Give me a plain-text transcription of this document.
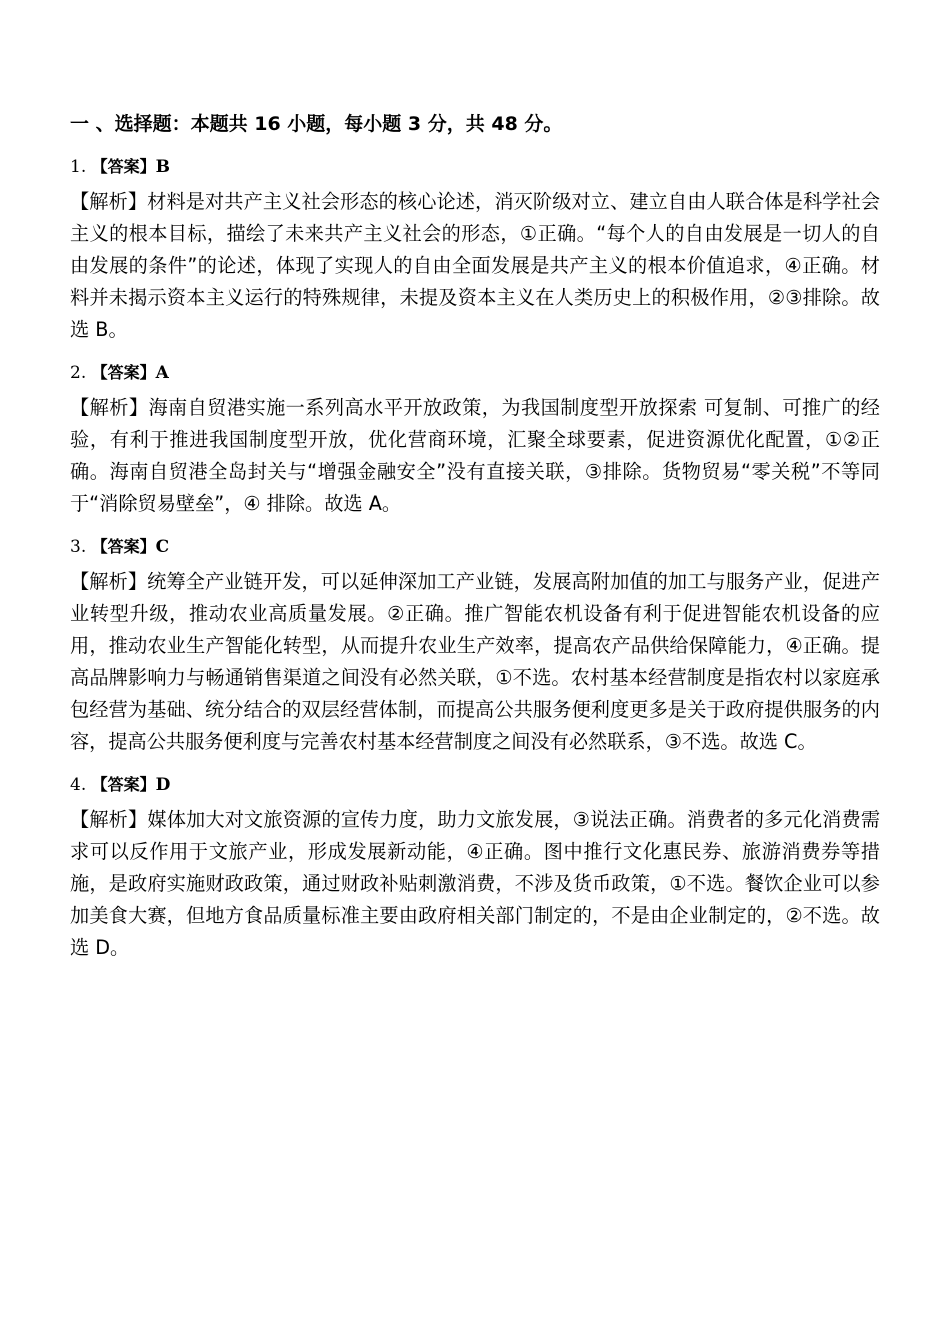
一 、选择题：本题共 16 小题，每小题 3 分，共 48 分。
1. 【答案】B

【解析】材料是对共产主义社会形态的核心论述，消灭阶级对立、建立自由人联合体是科学社会主义的根本目标，描绘了未来共产主义社会的形态，①正确。“每个人的自由发展是一切人的自由发展的条件”的论述，体现了实现人的自由全面发展是共产主义的根本价值追求，④正确。材料并未揭示资本主义运行的特殊规律，未提及资本主义在人类历史上的积极作用，②③排除。故选 B。

2. 【答案】A

【解析】海南自贸港实施一系列高水平开放政策，为我国制度型开放探索 可复制、可推广的经验，有利于推进我国制度型开放，优化营商环境，汇聚全球要素，促进资源优化配置，①②正确。海南自贸港全岛封关与“增强金融安全”没有直接关联，③排除。货物贸易“零关税”不等同于“消除贸易壁垒”，④ 排除。故选 A。

3. 【答案】C

【解析】统筹全产业链开发，可以延伸深加工产业链，发展高附加值的加工与服务产业，促进产业转型升级，推动农业高质量发展。②正确。推广智能农机设备有利于促进智能农机设备的应用，推动农业生产智能化转型，从而提升农业生产效率，提高农产品供给保障能力，④正确。提高品牌影响力与畅通销售渠道之间没有必然关联，①不选。农村基本经营制度是指农村以家庭承包经营为基础、统分结合的双层经营体制，而提高公共服务便利度更多是关于政府提供服务的内容，提高公共服务便利度与完善农村基本经营制度之间没有必然联系，③不选。故选 C。

4. 【答案】D

【解析】媒体加大对文旅资源的宣传力度，助力文旅发展，③说法正确。消费者的多元化消费需求可以反作用于文旅产业，形成发展新动能，④正确。图中推行文化惠民券、旅游消费券等措施，是政府实施财政政策，通过财政补贴刺激消费，不涉及货币政策，①不选。餐饮企业可以参加美食大赛，但地方食品质量标准主要由政府相关部门制定的，不是由企业制定的，②不选。故选 D。
